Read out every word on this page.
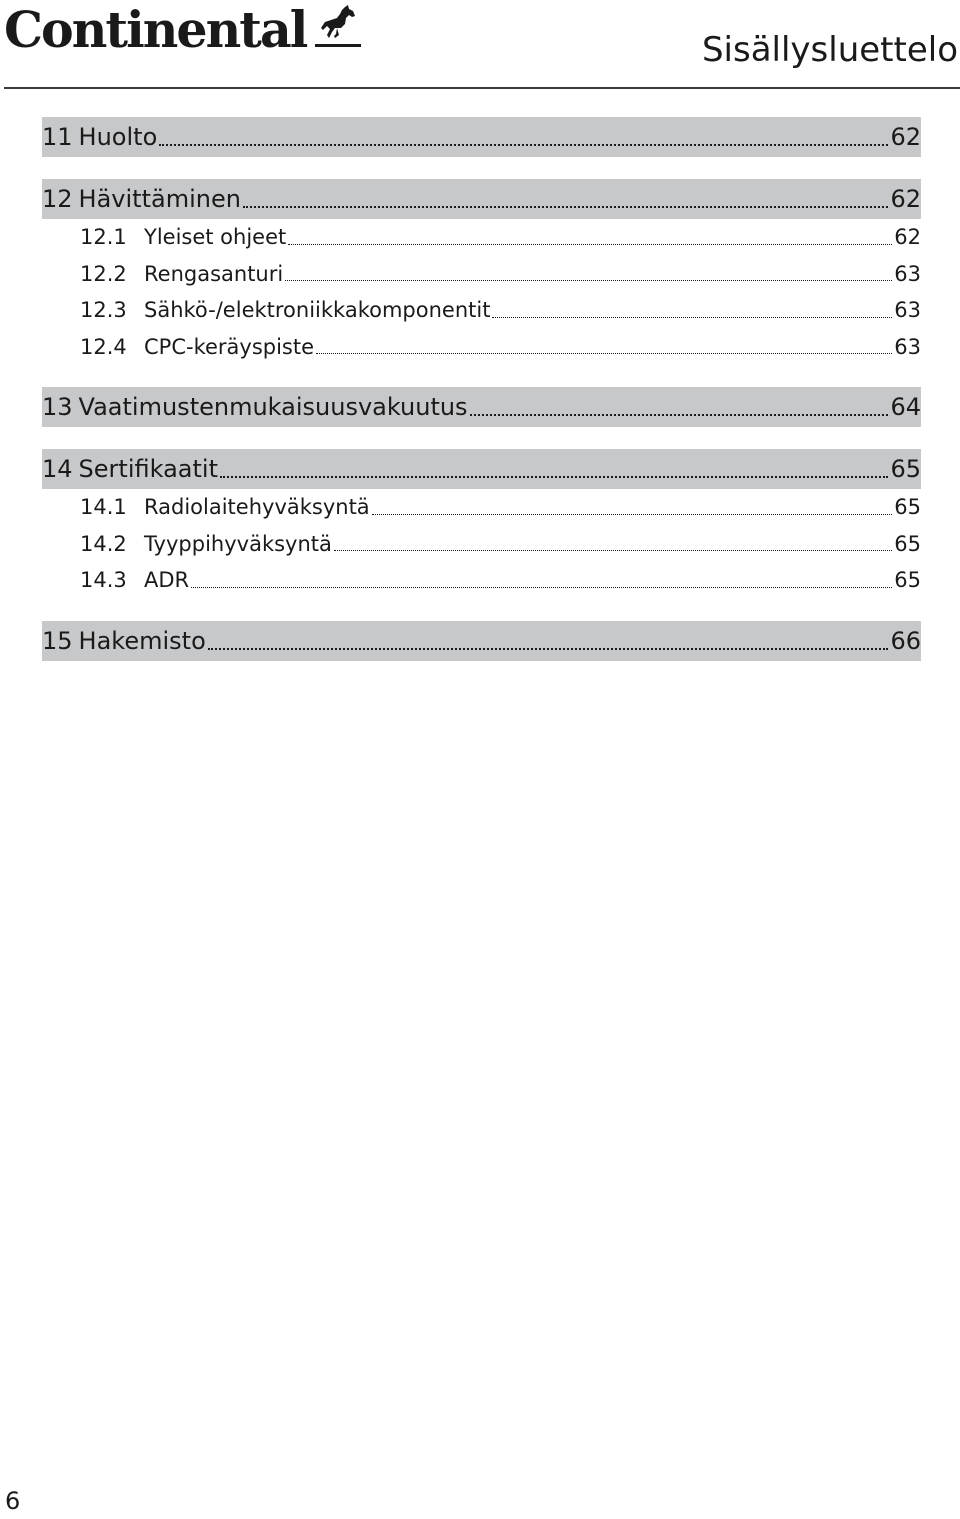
Continental	Sisällysluettelo
11 Huolto	62
12 Hävittäminen	62
12.1 Yleiset ohjeet	62
12.2 Rengasanturi	63
12.3 Sähkö-/elektroniikkakomponentit	63
12.4 CPC-keräyspiste	63
13 Vaatimustenmukaisuusvakuutus	64
14 Sertifikaatit	65
14.1 Radiolaitehyväksyntä	65
14.2 Tyyppihyväksyntä	65
14.3 ADR	65
15 Hakemisto	66
6
